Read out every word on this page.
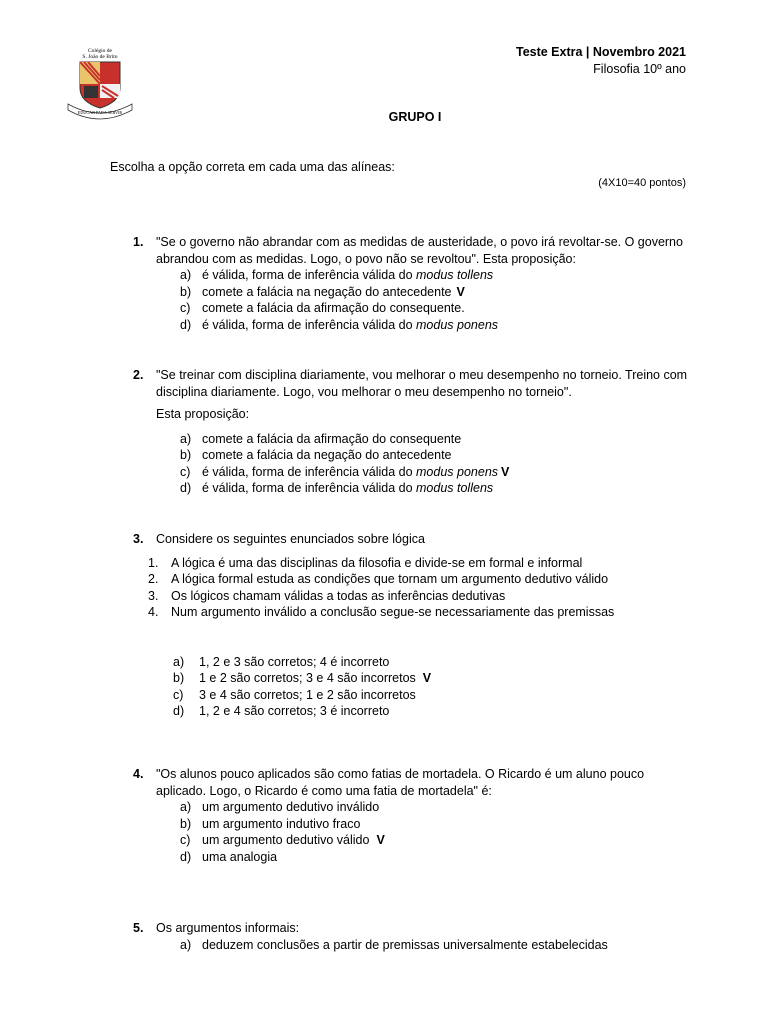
Colégio de
S. João de Brito
EDUCAR PARA SERVIR
Teste Extra | Novembro 2021
Filosofia 10º ano
GRUPO I
Escolha a opção correta em cada uma das alíneas:
(4X10=40 pontos)
1. "Se o governo não abrandar com as medidas de austeridade, o povo irá revoltar-se. O governo abrandou com as medidas. Logo, o povo não se revoltou". Esta proposição:
a) é válida, forma de inferência válida do modus tollens
b) comete a falácia na negação do antecedente V
c) comete a falácia da afirmação do consequente.
d) é válida, forma de inferência válida do modus ponens
2. "Se treinar com disciplina diariamente, vou melhorar o meu desempenho no torneio. Treino com disciplina diariamente. Logo, vou melhorar o meu desempenho no torneio".
Esta proposição:
a) comete a falácia da afirmação do consequente
b) comete a falácia da negação do antecedente
c) é válida, forma de inferência válida do modus ponens V
d) é válida, forma de inferência válida do modus tollens
3. Considere os seguintes enunciados sobre lógica
1.	A lógica é uma das disciplinas da filosofia e divide-se em formal e informal
2.	A lógica formal estuda as condições que tornam um argumento dedutivo válido
3.	Os lógicos chamam válidas a todas as inferências dedutivas
4.	Num argumento inválido a conclusão segue-se necessariamente das premissas
a)	1, 2 e 3 são corretos; 4 é incorreto
b)	1 e 2 são corretos; 3 e 4 são incorretos V
c)	3 e 4 são corretos; 1 e 2 são incorretos
d)	1, 2 e 4 são corretos; 3 é incorreto
4. "Os alunos pouco aplicados são como fatias de mortadela. O Ricardo é um aluno pouco aplicado. Logo, o Ricardo é como uma fatia de mortadela" é:
a) um argumento dedutivo inválido
b) um argumento indutivo fraco
c) um argumento dedutivo válido V
d) uma analogia
5. Os argumentos informais:
a) deduzem conclusões a partir de premissas universalmente estabelecidas
